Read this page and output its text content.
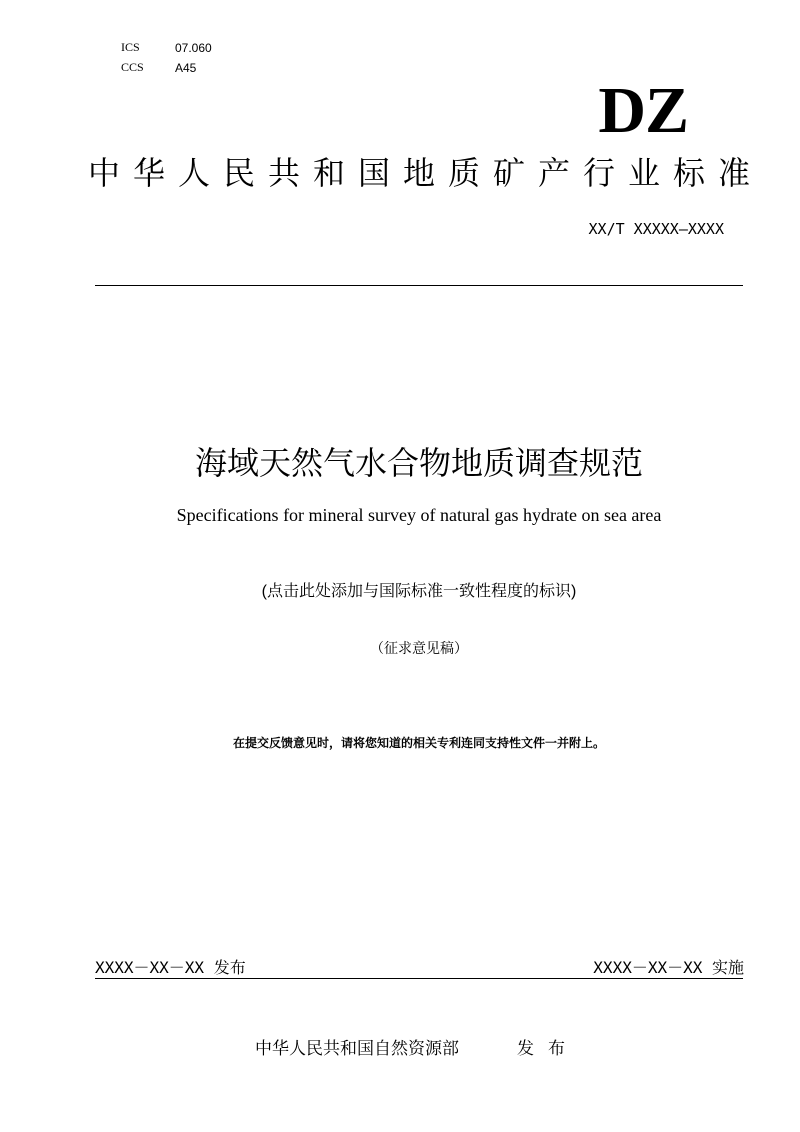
ICS	07.060
CCS	A45
DZ
中华人民共和国地质矿产行业标准
XX/T XXXXX—XXXX
海域天然气水合物地质调查规范
Specifications for mineral survey of natural gas hydrate on sea area
(点击此处添加与国际标准一致性程度的标识)
（征求意见稿）
在提交反馈意见时，请将您知道的相关专利连同支持性文件一并附上。
XXXX－XX－XX 发布	XXXX－XX－XX 实施
中华人民共和国自然资源部	发布
